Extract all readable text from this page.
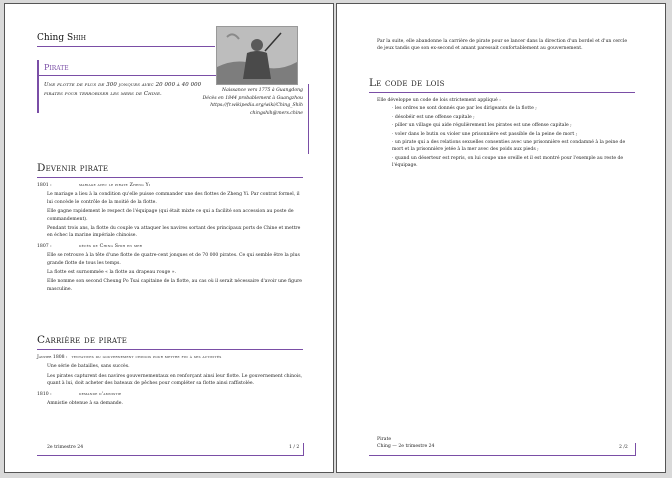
Ching Shih
Pirate
Une flotte de plus de 300 jonques avec 20 000 à 40 000 pirates pour terroriser les mers de Chine.
Naissance vers 1775 à Guangdong
Décès en 1844 probablement à Guangzhou
https://fr.wikipedia.org/wiki/Ching_Shih
chingshih@mers.chine
Devenir pirate
1801 :	mariage avec le pirate Zheng Yi
Le mariage a lieu à la condition qu'elle puisse commander une des flottes de Zheng Yi. Par contrat formel, il lui concède le contrôle de la moitié de la flotte.
Elle gagne rapidement le respect de l'équipage (qui était mixte ce qui a facilité son accession au poste de commandement).
Pendant trois ans, la flotte du couple va attaquer les navires sortant des principaux ports de Chine et mettre en échec la marine impériale chinoise.
1807 :	décès de Ching Shih en mer
Elle se retrouve à la tête d'une flotte de quatre-cent jonques et de 70 000 pirates. Ce qui semble être la plus grande flotte de tous les temps.
La flotte est surnommée « la flotte au drapeau rouge ».
Elle nomme son second Cheung Po Tsai capitaine de la flotte, au cas où il serait nécessaire d'avoir une figure masculine.
Carrière de pirate
Janvier 1808 : tentatives du gouvernement chinois pour mettre fin à ses activités
Une série de batailles, sans succès.
Les pirates capturent des navires gouvernementaux en renforçant ainsi leur flotte. Le gouvernement chinois, quant à lui, doit acheter des bateaux de pêches pour compléter sa flotte ainsi raffistolée.
1810 :	demande d'amnistie
Amnistie obtenue à sa demande.
2e trimestre 24	1 / 2
Par la suite, elle abandonne la carrière de pirate pour se lancer dans la direction d'un bordel et d'un cercle de jeux tandis que son ex-second et amant paressait confortablement au gouvernement.
Le code de lois
Elle développe un code de lois strictement appliqué :
· les ordres ne sont donnés que par les dirigeants de la flotte ;
· désobéir est une offense capitale ;
· piller un village qui aide régulièrement les pirates est une offense capitale ;
· voler dans le butin ou violer une prisonnière est passible de la peine de mort ;
· un pirate qui a des relations sexuelles consenties avec une prisonnière est condamné à la peine de mort et la prisonnière jetée à la mer avec des poids aux pieds ;
· quand un déserteur est repris, on lui coupe une oreille et il est montré pour l'exemple au reste de l'équipage.
Pirate
Ching — 2e trimestre 24	2 /2
